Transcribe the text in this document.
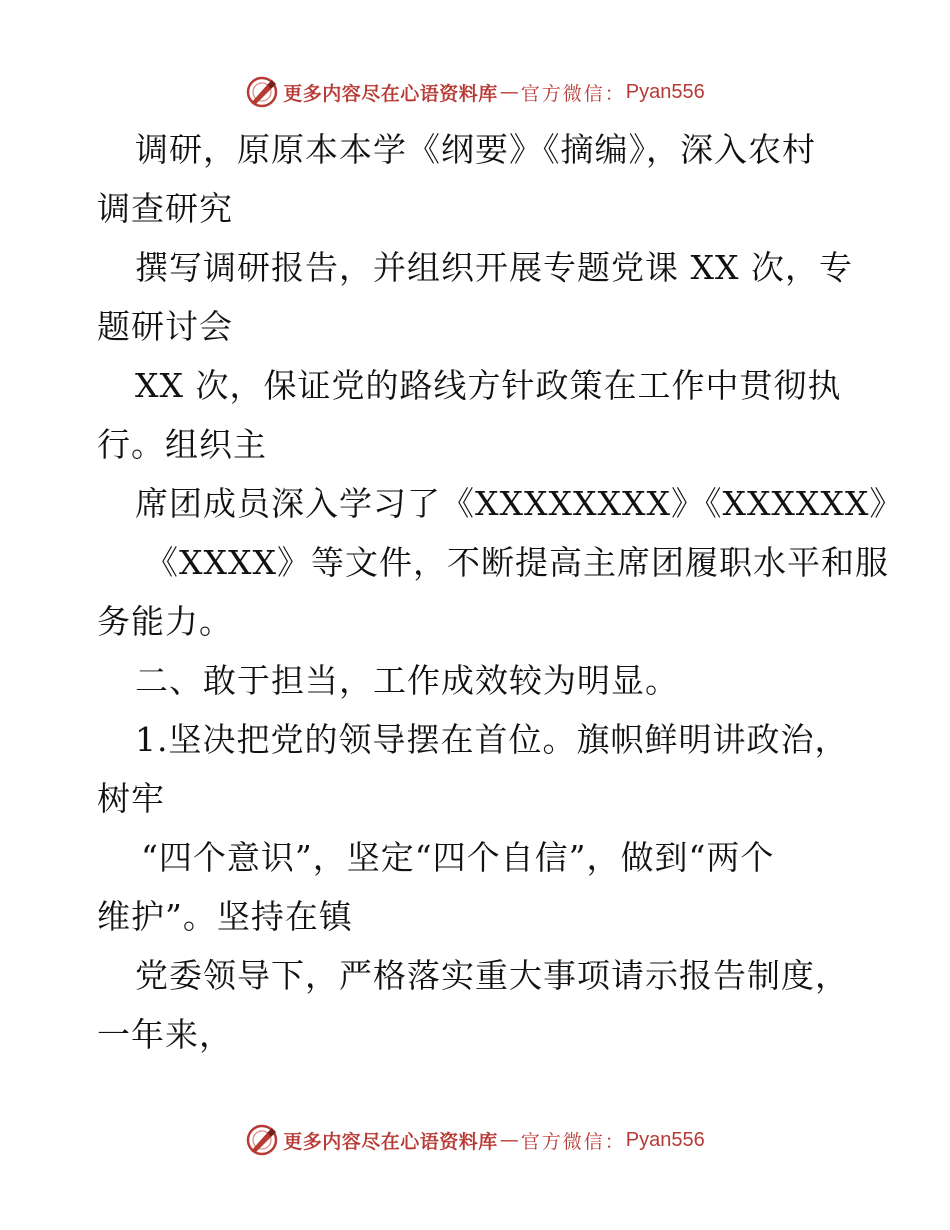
更多内容尽在心语资料库 — 官方微信： Pyan556
调研，原原本本学《纲要》《摘编》，深入农村
调查研究
撰写调研报告，并组织开展专题党课 XX 次，专
题研讨会
XX 次，保证党的路线方针政策在工作中贯彻执
行。组织主
席团成员深入学习了《XXXXXXXX》《XXXXXX》
《XXXX》等文件，不断提高主席团履职水平和服
务能力。
二、敢于担当，工作成效较为明显。
1.坚决把党的领导摆在首位。旗帜鲜明讲政治，
树牢
“四个意识”，坚定“四个自信”，做到“两个
维护”。坚持在镇
党委领导下，严格落实重大事项请示报告制度，
一年来，
更多内容尽在心语资料库 — 官方微信： Pyan556
